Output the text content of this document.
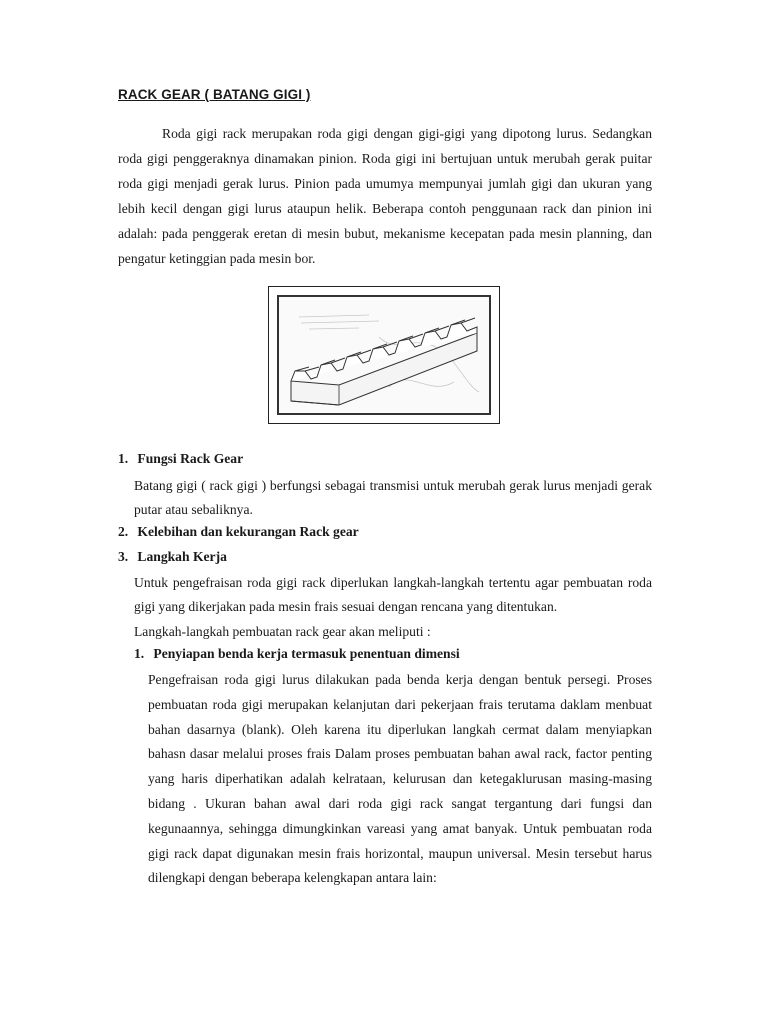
RACK GEAR ( BATANG GIGI )

Roda gigi rack merupakan roda gigi dengan gigi-gigi yang dipotong lurus. Sedangkan roda gigi penggeraknya dinamakan pinion. Roda gigi ini bertujuan untuk merubah gerak puitar roda gigi menjadi gerak lurus. Pinion pada umumya mempunyai jumlah gigi dan ukuran yang lebih kecil dengan gigi lurus ataupun helik. Beberapa contoh penggunaan rack dan pinion ini adalah: pada penggerak eretan di mesin bubut, mekanisme kecepatan pada mesin planning, dan pengatur ketinggian pada mesin bor.

1. Fungsi Rack Gear

Batang gigi ( rack gigi ) berfungsi sebagai transmisi untuk merubah gerak lurus menjadi gerak putar atau sebaliknya.

2. Kelebihan dan kekurangan Rack gear
3. Langkah Kerja

Untuk pengefraisan roda gigi rack diperlukan langkah-langkah tertentu agar pembuatan roda gigi yang dikerjakan pada mesin frais sesuai dengan rencana yang ditentukan.

Langkah-langkah pembuatan rack gear akan meliputi :

1. Penyiapan benda kerja termasuk penentuan dimensi

Pengefraisan roda gigi lurus dilakukan pada benda kerja dengan bentuk persegi. Proses pembuatan roda gigi merupakan kelanjutan dari pekerjaan frais terutama daklam menbuat bahan dasarnya (blank). Oleh karena itu diperlukan langkah cermat dalam menyiapkan bahasn dasar melalui proses frais Dalam proses pembuatan bahan awal rack, factor penting yang haris diperhatikan adalah kelrataan, kelurusan dan ketegaklurusan masing-masing bidang . Ukuran bahan awal dari roda gigi rack sangat tergantung dari fungsi dan kegunaannya, sehingga dimungkinkan vareasi yang amat banyak. Untuk pembuatan roda gigi rack dapat digunakan mesin frais horizontal, maupun universal. Mesin tersebut harus dilengkapi dengan beberapa kelengkapan antara lain:
